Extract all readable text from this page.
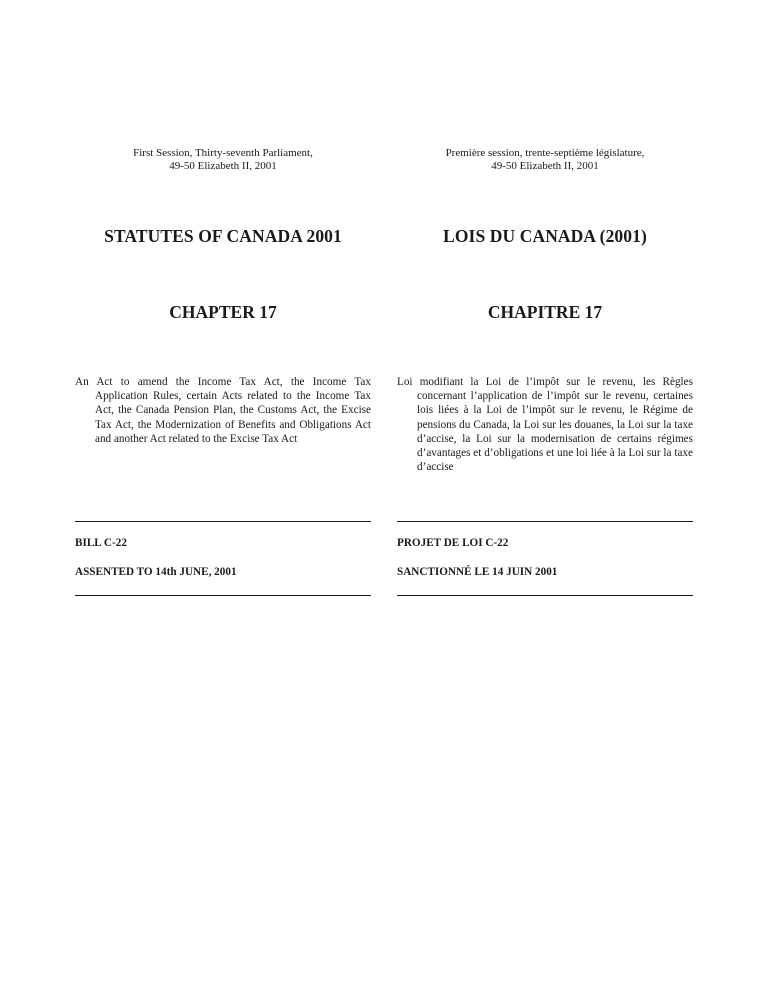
First Session, Thirty-seventh Parliament,
49-50 Elizabeth II, 2001
STATUTES OF CANADA 2001
CHAPTER 17
An Act to amend the Income Tax Act, the Income Tax Application Rules, certain Acts related to the Income Tax Act, the Canada Pension Plan, the Customs Act, the Excise Tax Act, the Modernization of Benefits and Obligations Act and another Act related to the Excise Tax Act
BILL C-22
ASSENTED TO 14th JUNE, 2001
Première session, trente-septième législature,
49-50 Elizabeth II, 2001
LOIS DU CANADA (2001)
CHAPITRE 17
Loi modifiant la Loi de l’impôt sur le revenu, les Règles concernant l’application de l’impôt sur le revenu, certaines lois liées à la Loi de l’impôt sur le revenu, le Régime de pensions du Canada, la Loi sur les douanes, la Loi sur la taxe d’accise, la Loi sur la modernisation de certains régimes d’avantages et d’obligations et une loi liée à la Loi sur la taxe d’accise
PROJET DE LOI C-22
SANCTIONNÉ LE 14 JUIN 2001
